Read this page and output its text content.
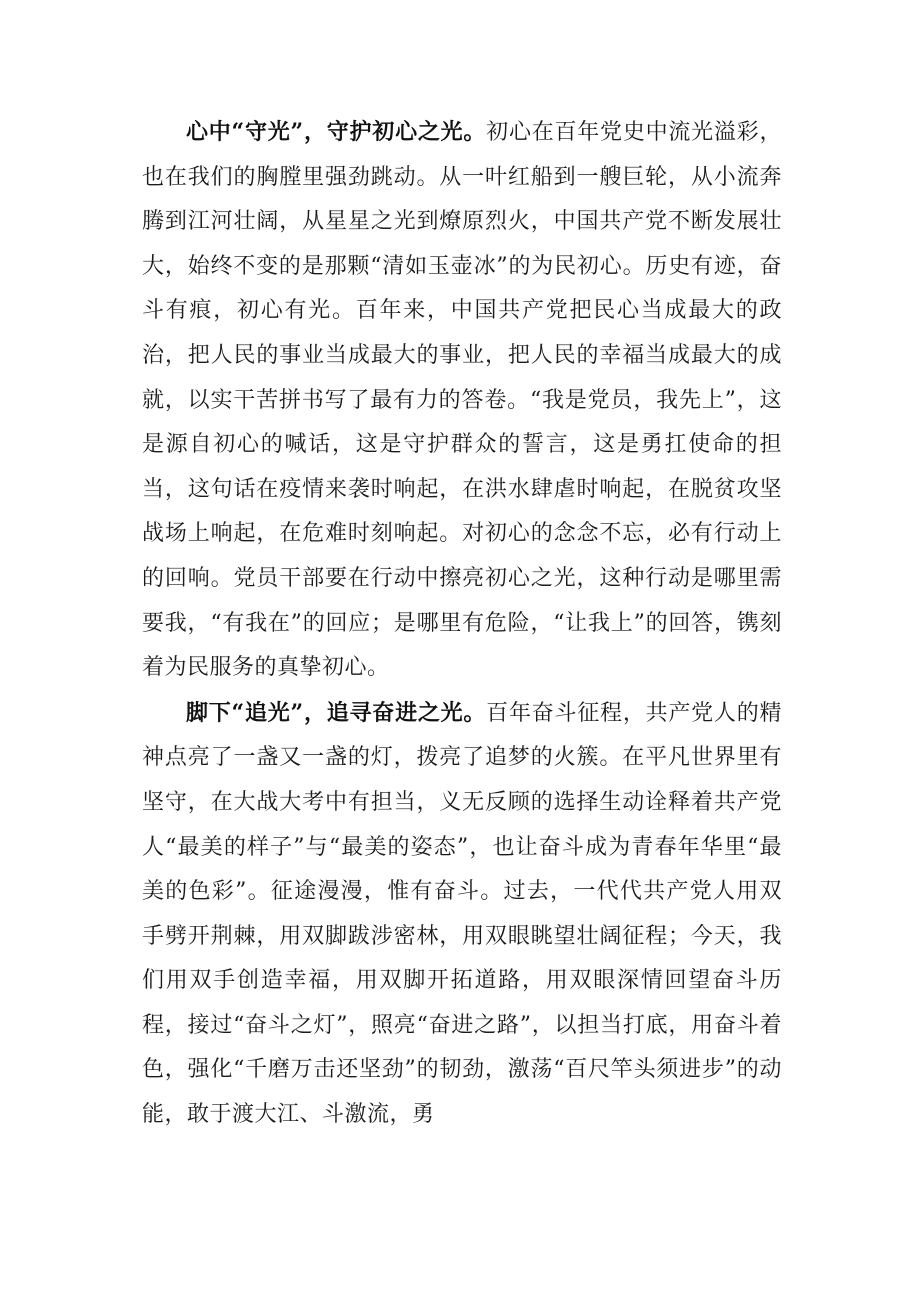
心中“守光”，守护初心之光。初心在百年党史中流光溢彩，也在我们的胸膛里强劲跳动。从一叶红船到一艘巨轮，从小流奔腾到江河壮阔，从星星之光到燎原烈火，中国共产党不断发展壮大，始终不变的是那颗“清如玉壶冰”的为民初心。历史有迹，奋斗有痕，初心有光。百年来，中国共产党把民心当成最大的政治，把人民的事业当成最大的事业，把人民的幸福当成最大的成就，以实干苦拼书写了最有力的答卷。“我是党员，我先上”，这是源自初心的喊话，这是守护群众的誓言，这是勇扛使命的担当，这句话在疫情来袭时响起，在洪水肆虐时响起，在脱贫攻坚战场上响起，在危难时刻响起。对初心的念念不忘，必有行动上的回响。党员干部要在行动中擦亮初心之光，这种行动是哪里需要我，“有我在”的回应；是哪里有危险，“让我上”的回答，镌刻着为民服务的真挚初心。

脚下“追光”，追寻奋进之光。百年奋斗征程，共产党人的精神点亮了一盏又一盏的灯，拨亮了追梦的火簇。在平凡世界里有坚守，在大战大考中有担当，义无反顾的选择生动诠释着共产党人“最美的样子”与“最美的姿态”，也让奋斗成为青春年华里“最美的色彩”。征途漫漫，惟有奋斗。过去，一代代共产党人用双手劈开荆棘，用双脚跋涉密林，用双眼眺望壮阔征程；今天，我们用双手创造幸福，用双脚开拓道路，用双眼深情回望奋斗历程，接过“奋斗之灯”，照亮“奋进之路”，以担当打底，用奋斗着色，强化“千磨万击还坚劲”的韧劲，激荡“百尺竿头须进步”的动能，敢于渡大江、斗激流，勇
